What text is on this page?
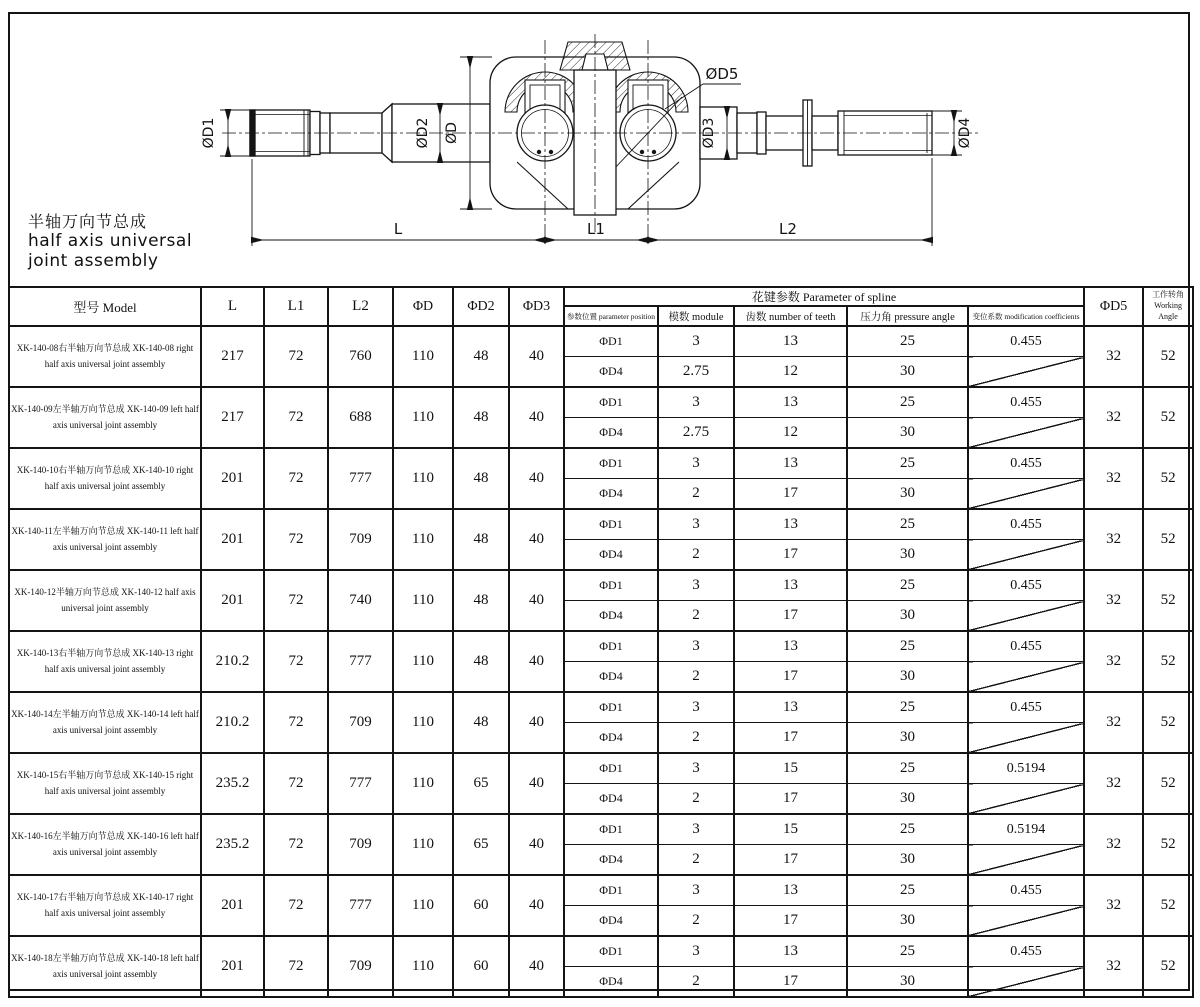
ØD1	ØD2 ØD	ØD3	ØD4
ØD5
L	L1	L2
半轴万向节总成
half axis universal
joint assembly
型号 Model	L	L1	L2	ΦD	ΦD2	ΦD3	花键参数 Parameter of spline					ΦD5	工作转角
Working Angle

							参数位置 parameter position	模数 module	齿数 number of teeth	压力角 pressure angle	变位系数 modification coefficients		
XK-140-08右半轴万向节总成 XK-140-08 right half axis universal joint assembly	217	72	760	110	48	40	ΦD1	3	13	25	0.455	32	52
							ΦD4	2.75	12	30			
XK-140-09左半轴万向节总成 XK-140-09 left half axis universal joint assembly	217	72	688	110	48	40	ΦD1	3	13	25	0.455	32	52
							ΦD4	2.75	12	30			
XK-140-10右半轴万向节总成 XK-140-10 right half axis universal joint assembly	201	72	777	110	48	40	ΦD1	3	13	25	0.455	32	52
							ΦD4	2	17	30			
XK-140-11左半轴万向节总成 XK-140-11 left half axis universal joint assembly	201	72	709	110	48	40	ΦD1	3	13	25	0.455	32	52
							ΦD4	2	17	30			
XK-140-12半轴万向节总成 XK-140-12 half axis universal joint assembly	201	72	740	110	48	40	ΦD1	3	13	25	0.455	32	52
							ΦD4	2	17	30			
XK-140-13右半轴万向节总成 XK-140-13 right half axis universal joint assembly	210.2	72	777	110	48	40	ΦD1	3	13	25	0.455	32	52
							ΦD4	2	17	30			
XK-140-14左半轴万向节总成 XK-140-14 left half axis universal joint assembly	210.2	72	709	110	48	40	ΦD1	3	13	25	0.455	32	52
							ΦD4	2	17	30			
XK-140-15右半轴万向节总成 XK-140-15 right half axis universal joint assembly	235.2	72	777	110	65	40	ΦD1	3	15	25	0.5194	32	52
							ΦD4	2	17	30			
XK-140-16左半轴万向节总成 XK-140-16 left half axis universal joint assembly	235.2	72	709	110	65	40	ΦD1	3	15	25	0.5194	32	52
							ΦD4	2	17	30			
XK-140-17右半轴万向节总成 XK-140-17 right half axis universal joint assembly	201	72	777	110	60	40	ΦD1	3	13	25	0.455	32	52
							ΦD4	2	17	30			
XK-140-18左半轴万向节总成 XK-140-18 left half axis universal joint assembly	201	72	709	110	60	40	ΦD1	3	13	25	0.455	32	52
							ΦD4	2	17	30			
